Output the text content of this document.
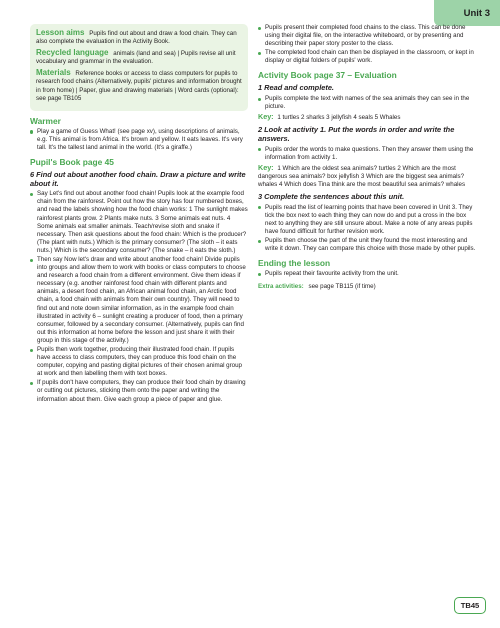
Unit 3

Lesson aims Pupils find out about and draw a food chain. They can also complete the evaluation in the Activity Book.

Recycled language animals (land and sea) | Pupils revise all unit vocabulary and grammar in the evaluation.

Materials Reference books or access to class computers for pupils to research food chains (Alternatively, pupils' pictures and information brought in from home) | Paper, glue and drawing materials | Word cards (optional): see page TB105

Warmer
Play a game of Guess What! (see page xv), using descriptions of animals, e.g. This animal is from Africa. It's brown and yellow. It eats leaves. It's very tall. It's the tallest land animal in the world. (It's a giraffe.)
Pupil's Book page 45
6 Find out about another food chain. Draw a picture and write about it.
Say Let's find out about another food chain! Pupils look at the example food chain from the rainforest. Point out how the story has four numbered boxes, and read the labels showing how the food chain works: 1 The sunlight makes rainforest plants grow. 2 Plants make nuts. 3 Some animals eat nuts. 4 Some animals eat smaller animals. Teach/revise sloth and snake if necessary. Then ask questions about the food chain: Which is the producer? (The plant with nuts.) Which is the primary consumer? (The sloth – it eats nuts.) Which is the secondary consumer? (The snake – it eats the sloth.)
Then say Now let's draw and write about another food chain! Divide pupils into groups and allow them to work with books or class computers to choose and research a food chain from a different environment. Give them ideas if necessary (e.g. another rainforest food chain with different plants and animals, a desert food chain, an African animal food chain, an Arctic food chain, a food chain with animals from their own country). They will need to find out and note down similar information, as in the example food chain illustrated in activity 6 – sunlight creating a producer of food, then a primary consumer, followed by a secondary consumer. (Alternatively, pupils can find out this information at home before the lesson and just share it with their group in this stage of the activity.)
Pupils then work together, producing their illustrated food chain. If pupils have access to class computers, they can produce this food chain on the computer, copying and pasting digital pictures of their chosen animal group at work and then labelling them with text boxes.
If pupils don't have computers, they can produce their food chain by drawing or cutting out pictures, sticking them onto the paper and writing the information about them. Give each group a piece of paper and glue.
Pupils present their completed food chains to the class. This can be done using their digital file, on the interactive whiteboard, or by presenting and describing their paper story poster to the class.
The completed food chain can then be displayed in the classroom, or kept in display or digital folders of pupils' work.
Activity Book page 37 – Evaluation
1 Read and complete.
Pupils complete the text with names of the sea animals they can see in the picture.
Key: 1 turtles 2 sharks 3 jellyfish 4 seals 5 Whales
2 Look at activity 1. Put the words in order and write the answers.
Pupils order the words to make questions. Then they answer them using the information from activity 1.
Key: 1 Which are the oldest sea animals? turtles 2 Which are the most dangerous sea animals? box jellyfish 3 Which are the biggest sea animals? whales 4 Which does Tina think are the most beautiful sea animals? whales
3 Complete the sentences about this unit.
Pupils read the list of learning points that have been covered in Unit 3. They tick the box next to each thing they can now do and put a cross in the box next to anything they are still unsure about. Make a note of any areas pupils have found difficult for further revision work.
Pupils then choose the part of the unit they found the most interesting and write it down. They can compare this choice with those made by other pupils.
Ending the lesson
Pupils repeat their favourite activity from the unit.
Extra activities: see page TB115 (if time)
TB45
